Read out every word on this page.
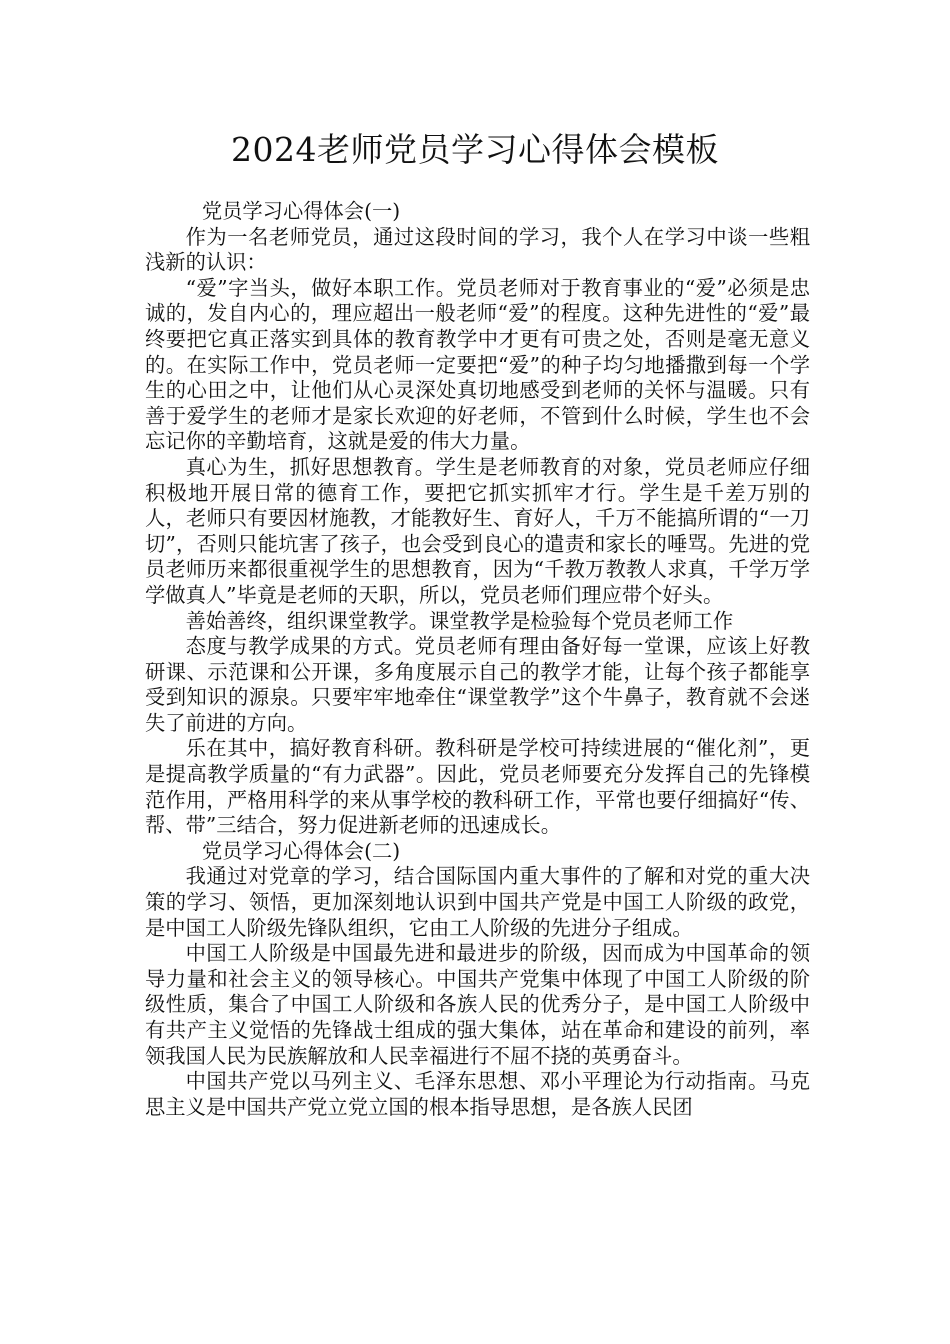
2024老师党员学习心得体会模板

党员学习心得体会(一)

作为一名老师党员，通过这段时间的学习，我个人在学习中谈一些粗浅新的认识：

“爱”字当头，做好本职工作。党员老师对于教育事业的“爱”必须是忠诚的，发自内心的，理应超出一般老师“爱”的程度。这种先进性的“爱”最终要把它真正落实到具体的教育教学中才更有可贵之处，否则是毫无意义的。在实际工作中，党员老师一定要把“爱”的种子均匀地播撒到每一个学生的心田之中，让他们从心灵深处真切地感受到老师的关怀与温暖。只有善于爱学生的老师才是家长欢迎的好老师，不管到什么时候，学生也不会忘记你的辛勤培育，这就是爱的伟大力量。

真心为生，抓好思想教育。学生是老师教育的对象，党员老师应仔细积极地开展日常的德育工作，要把它抓实抓牢才行。学生是千差万别的人，老师只有要因材施教，才能教好生、育好人，千万不能搞所谓的“一刀切”，否则只能坑害了孩子，也会受到良心的遣责和家长的唾骂。先进的党员老师历来都很重视学生的思想教育，因为“千教万教教人求真，千学万学学做真人”毕竟是老师的天职，所以，党员老师们理应带个好头。

善始善终，组织课堂教学。课堂教学是检验每个党员老师工作

态度与教学成果的方式。党员老师有理由备好每一堂课，应该上好教研课、示范课和公开课，多角度展示自己的教学才能，让每个孩子都能享受到知识的源泉。只要牢牢地牵住“课堂教学”这个牛鼻子，教育就不会迷失了前进的方向。

乐在其中，搞好教育科研。教科研是学校可持续进展的“催化剂”，更是提高教学质量的“有力武器”。因此，党员老师要充分发挥自己的先锋模范作用，严格用科学的来从事学校的教科研工作，平常也要仔细搞好“传、帮、带”三结合，努力促进新老师的迅速成长。

党员学习心得体会(二)

我通过对党章的学习，结合国际国内重大事件的了解和对党的重大决策的学习、领悟，更加深刻地认识到中国共产党是中国工人阶级的政党，是中国工人阶级先锋队组织，它由工人阶级的先进分子组成。

中国工人阶级是中国最先进和最进步的阶级，因而成为中国革命的领导力量和社会主义的领导核心。中国共产党集中体现了中国工人阶级的阶级性质，集合了中国工人阶级和各族人民的优秀分子，是中国工人阶级中有共产主义觉悟的先锋战士组成的强大集体，站在革命和建设的前列，率领我国人民为民族解放和人民幸福进行不屈不挠的英勇奋斗。

中国共产党以马列主义、毛泽东思想、邓小平理论为行动指南。马克思主义是中国共产党立党立国的根本指导思想，是各族人民团
